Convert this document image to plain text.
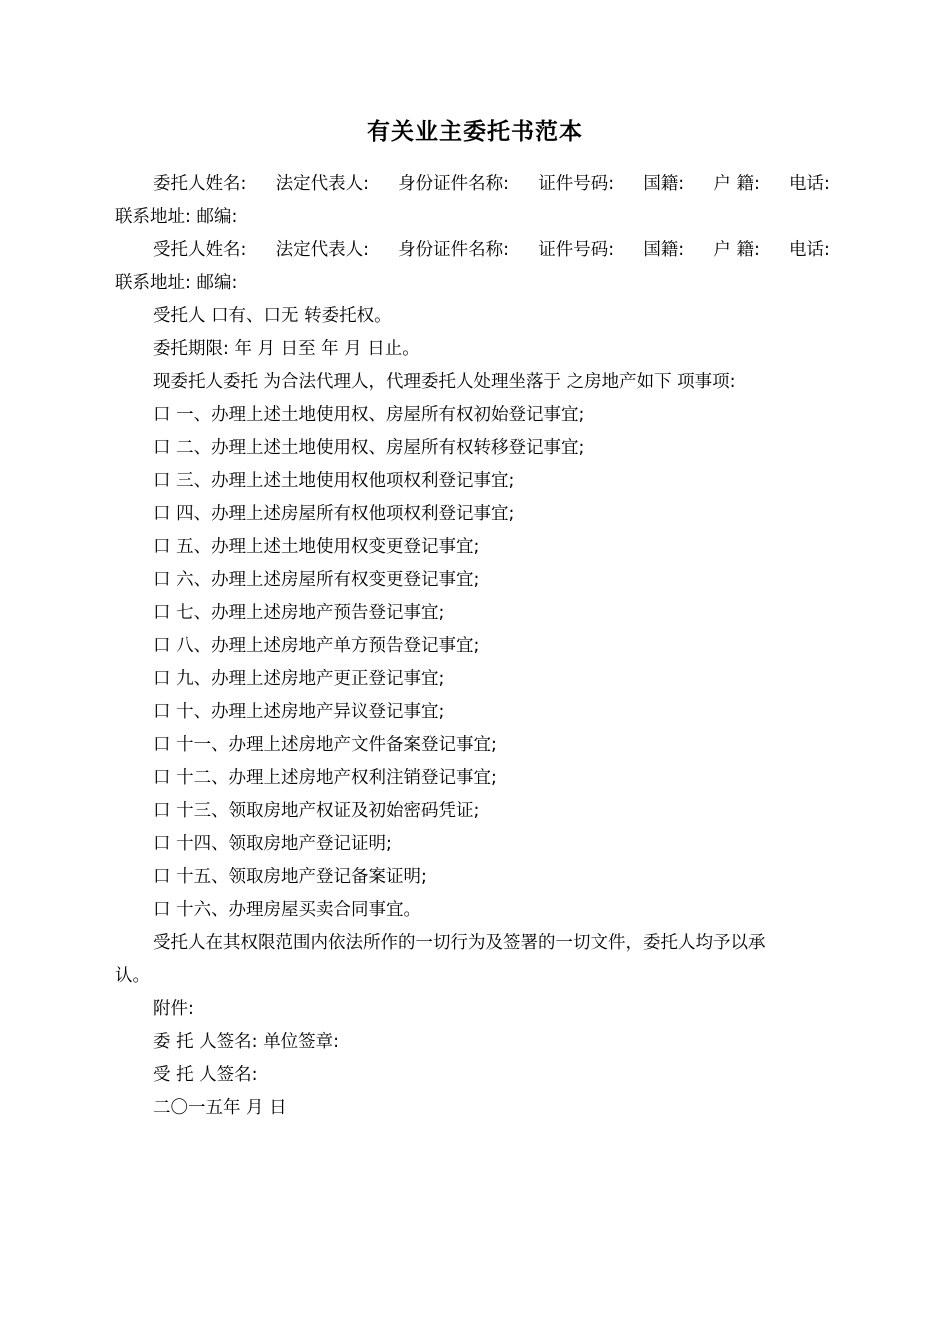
有关业主委托书范本
委托人姓名: 法定代表人: 身份证件名称: 证件号码: 国籍: 户 籍: 电话:
联系地址: 邮编:
受托人姓名: 法定代表人: 身份证件名称: 证件号码: 国籍: 户 籍: 电话:
联系地址: 邮编:
受托人 口有、口无 转委托权。
委托期限: 年 月 日至 年 月 日止。
现委托人委托 为合法代理人，代理委托人处理坐落于 之房地产如下 项事项:
口 一、办理上述土地使用权、房屋所有权初始登记事宜;
口 二、办理上述土地使用权、房屋所有权转移登记事宜;
口 三、办理上述土地使用权他项权利登记事宜;
口 四、办理上述房屋所有权他项权利登记事宜;
口 五、办理上述土地使用权变更登记事宜;
口 六、办理上述房屋所有权变更登记事宜;
口 七、办理上述房地产预告登记事宜;
口 八、办理上述房地产单方预告登记事宜;
口 九、办理上述房地产更正登记事宜;
口 十、办理上述房地产异议登记事宜;
口 十一、办理上述房地产文件备案登记事宜;
口 十二、办理上述房地产权利注销登记事宜;
口 十三、领取房地产权证及初始密码凭证;
口 十四、领取房地产登记证明;
口 十五、领取房地产登记备案证明;
口 十六、办理房屋买卖合同事宜。
受托人在其权限范围内依法所作的一切行为及签署的一切文件，委托人均予以承
认。
附件:
委 托 人签名: 单位签章:
受 托 人签名:
二〇一五年 月 日
